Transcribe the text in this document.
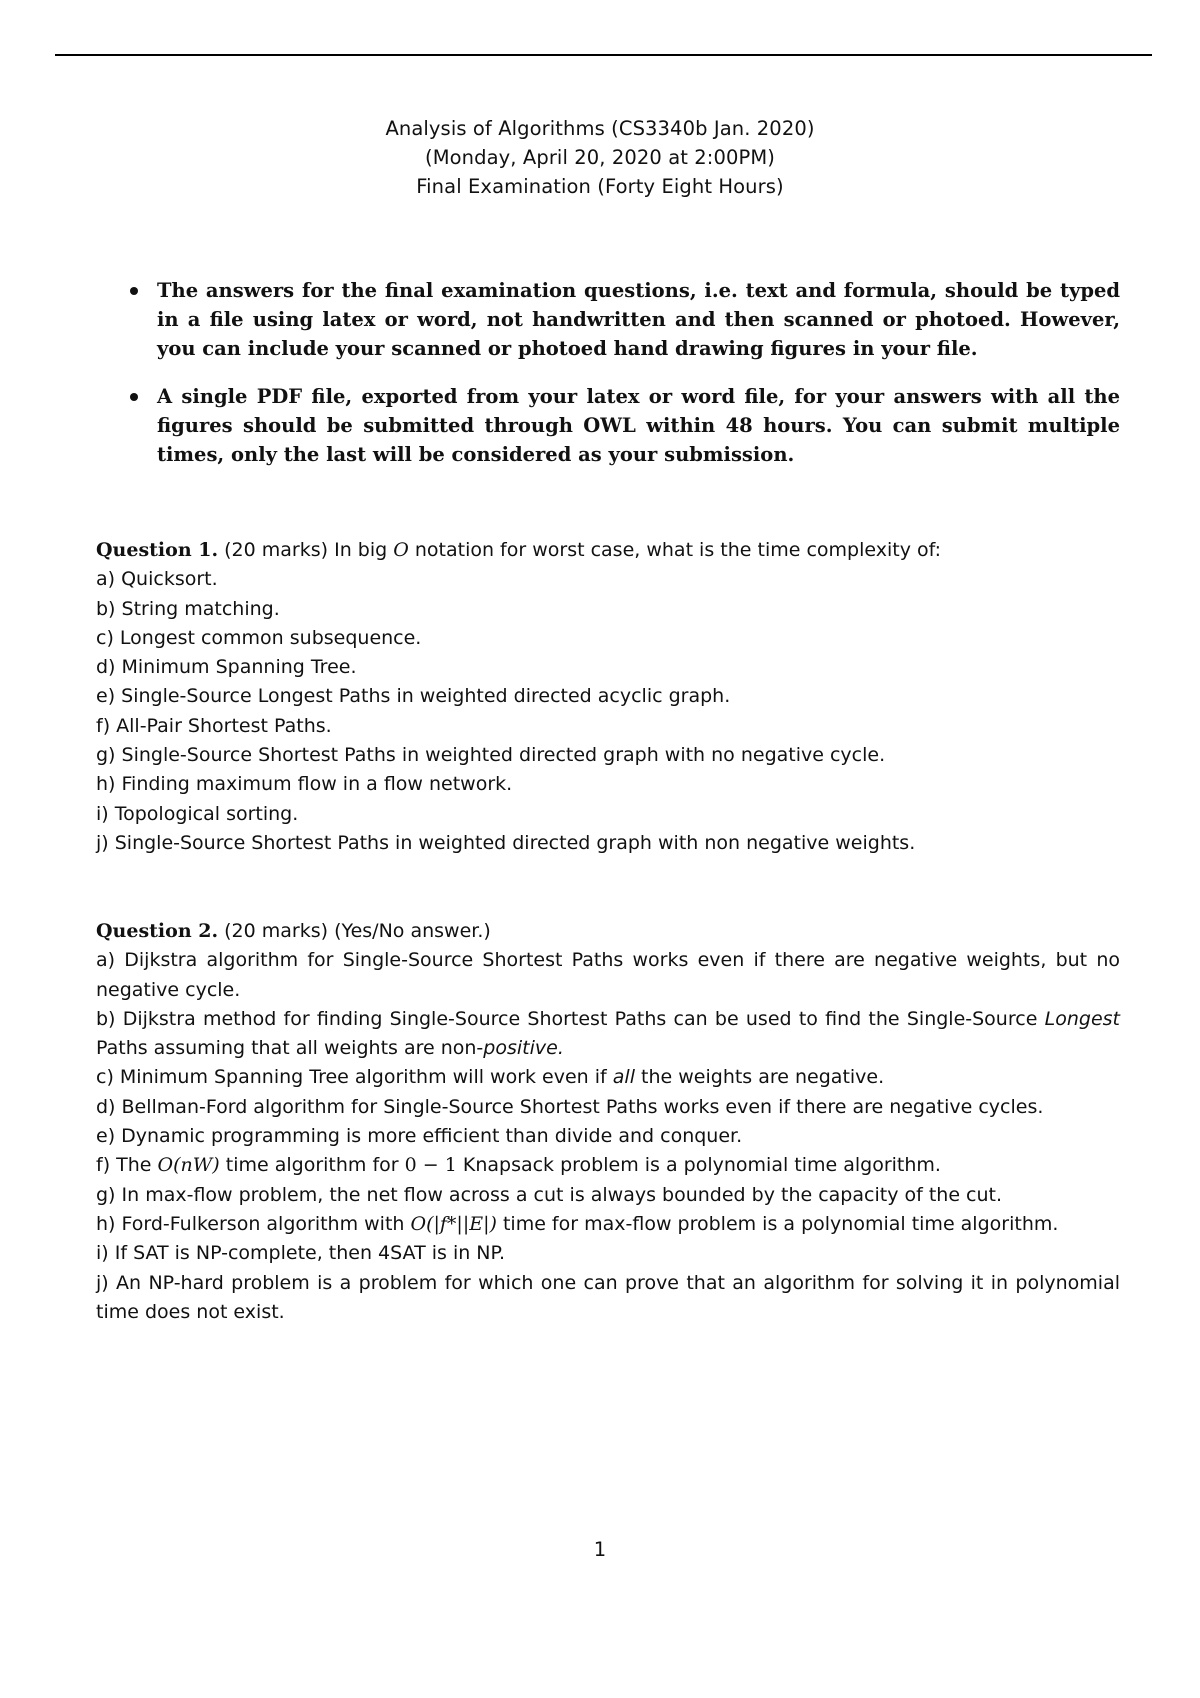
Analysis of Algorithms (CS3340b Jan. 2020)
(Monday, April 20, 2020 at 2:00PM)
Final Examination (Forty Eight Hours)
The answers for the final examination questions, i.e. text and formula, should be typed in a file using latex or word, not handwritten and then scanned or photoed. However, you can include your scanned or photoed hand drawing figures in your file.
A single PDF file, exported from your latex or word file, for your answers with all the figures should be submitted through OWL within 48 hours. You can submit multiple times, only the last will be considered as your submission.

Question 1. (20 marks) In big O notation for worst case, what is the time complexity of:

a) Quicksort.

b) String matching.

c) Longest common subsequence.

d) Minimum Spanning Tree.

e) Single-Source Longest Paths in weighted directed acyclic graph.

f) All-Pair Shortest Paths.

g) Single-Source Shortest Paths in weighted directed graph with no negative cycle.

h) Finding maximum flow in a flow network.

i) Topological sorting.

j) Single-Source Shortest Paths in weighted directed graph with non negative weights.

Question 2. (20 marks) (Yes/No answer.)

a) Dijkstra algorithm for Single-Source Shortest Paths works even if there are negative weights, but no negative cycle.

b) Dijkstra method for finding Single-Source Shortest Paths can be used to find the Single-Source Longest Paths assuming that all weights are non-positive.

c) Minimum Spanning Tree algorithm will work even if all the weights are negative.

d) Bellman-Ford algorithm for Single-Source Shortest Paths works even if there are negative cycles.

e) Dynamic programming is more efficient than divide and conquer.

f) The O(nW) time algorithm for 0 − 1 Knapsack problem is a polynomial time algorithm.

g) In max-flow problem, the net flow across a cut is always bounded by the capacity of the cut.

h) Ford-Fulkerson algorithm with O(|f*||E|) time for max-flow problem is a polynomial time algorithm.

i) If SAT is NP-complete, then 4SAT is in NP.

j) An NP-hard problem is a problem for which one can prove that an algorithm for solving it in polynomial time does not exist.

1
